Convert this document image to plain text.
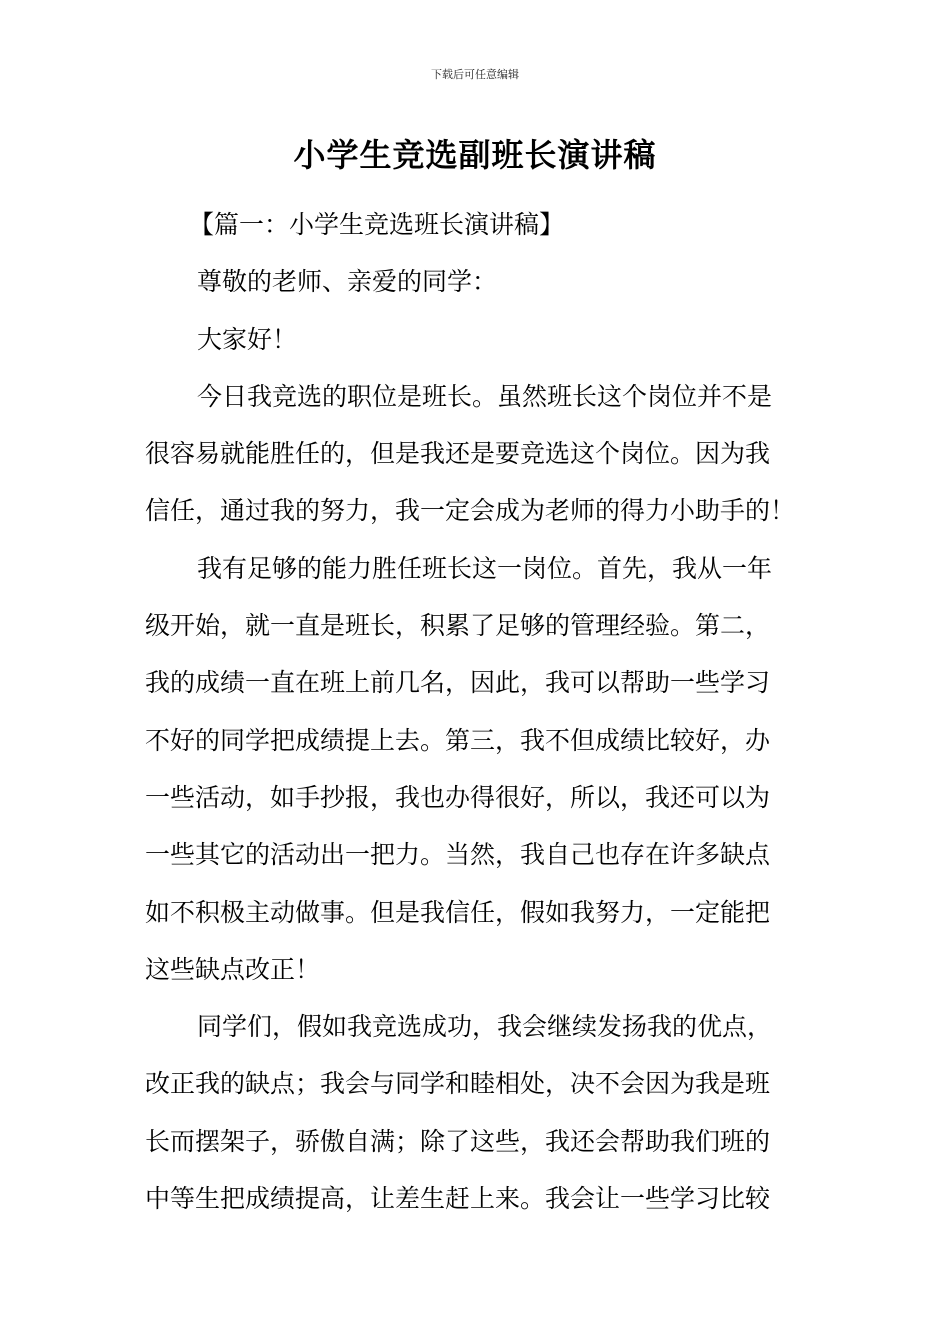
下载后可任意编辑
小学生竞选副班长演讲稿
【篇一：小学生竞选班长演讲稿】
尊敬的老师、亲爱的同学：
大家好！
今日我竞选的职位是班长。虽然班长这个岗位并不是
很容易就能胜任的，但是我还是要竞选这个岗位。因为我
信任，通过我的努力，我一定会成为老师的得力小助手的！
我有足够的能力胜任班长这一岗位。首先，我从一年
级开始，就一直是班长，积累了足够的管理经验。第二，
我的成绩一直在班上前几名，因此，我可以帮助一些学习
不好的同学把成绩提上去。第三，我不但成绩比较好，办
一些活动，如手抄报，我也办得很好，所以，我还可以为
一些其它的活动出一把力。当然，我自己也存在许多缺点
如不积极主动做事。但是我信任，假如我努力，一定能把
这些缺点改正！
同学们，假如我竞选成功，我会继续发扬我的优点，
改正我的缺点；我会与同学和睦相处，决不会因为我是班
长而摆架子，骄傲自满；除了这些，我还会帮助我们班的
中等生把成绩提高，让差生赶上来。我会让一些学习比较
